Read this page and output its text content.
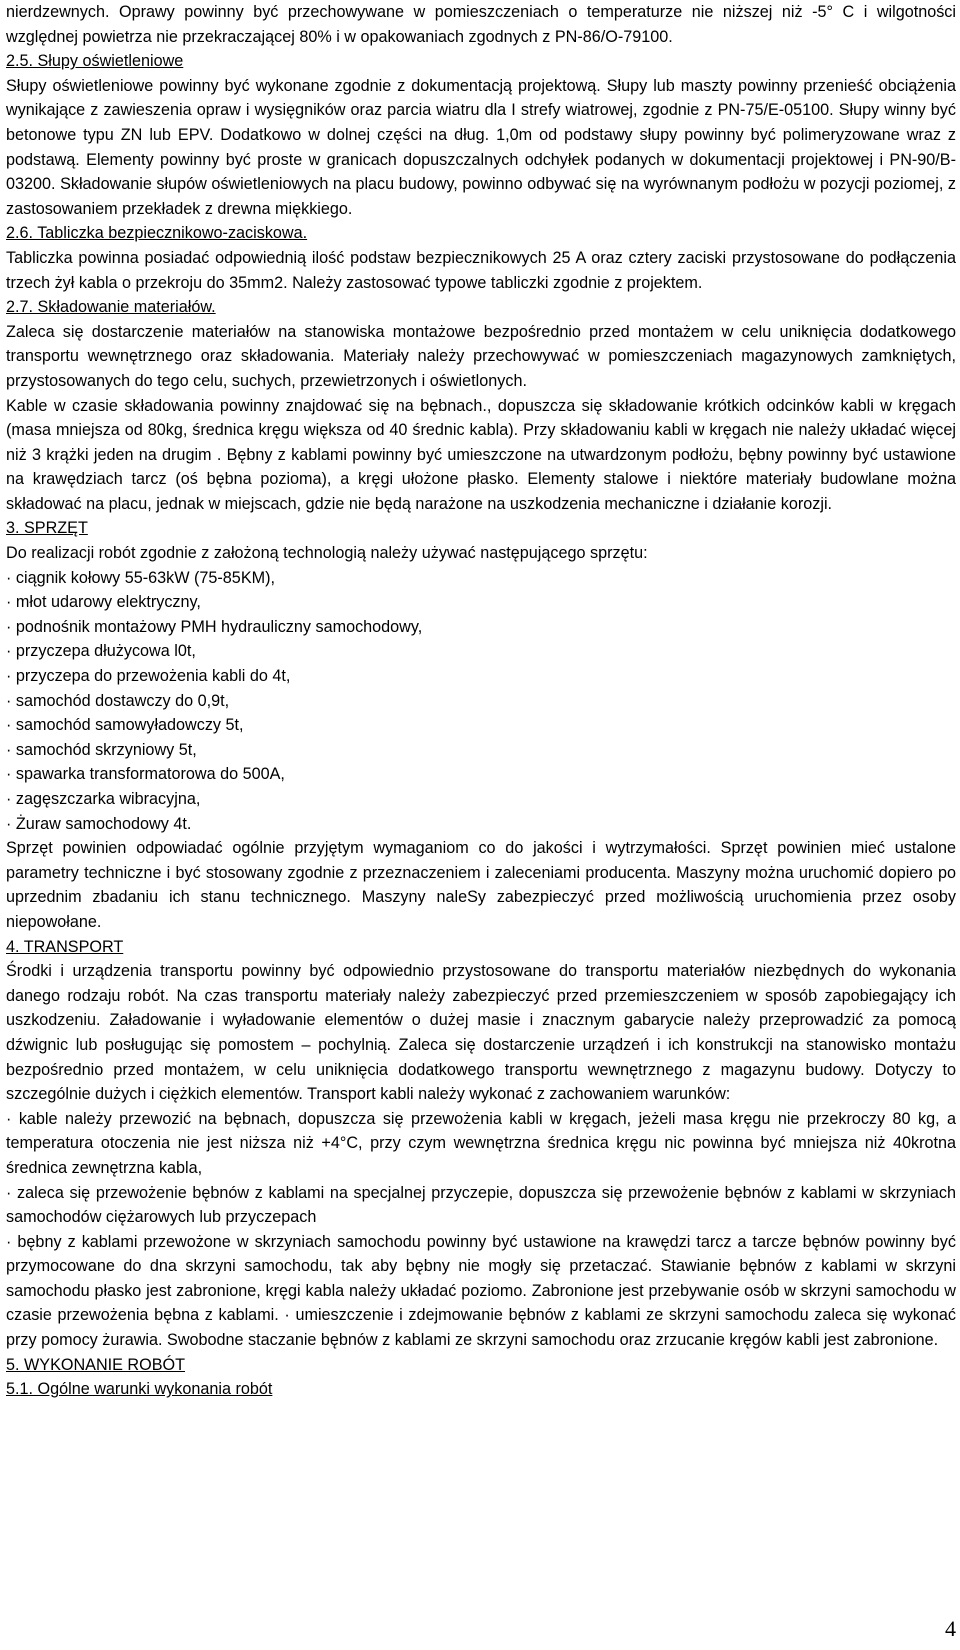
nierdzewnych. Oprawy powinny być przechowywane w pomieszczeniach o temperaturze nie niższej niż -5° C i wilgotności względnej powietrza nie przekraczającej 80% i w opakowaniach zgodnych z PN-86/O-79100.

2.5. Słupy oświetleniowe

Słupy oświetleniowe powinny być wykonane zgodnie z dokumentacją projektową. Słupy lub maszty powinny przenieść obciążenia wynikające z zawieszenia opraw i wysięgników oraz parcia wiatru dla I strefy wiatrowej, zgodnie z PN-75/E-05100. Słupy winny być betonowe typu ZN lub EPV. Dodatkowo w dolnej części na dług. 1,0m od podstawy słupy powinny być polimeryzowane wraz z podstawą. Elementy powinny być proste w granicach dopuszczalnych odchyłek podanych w dokumentacji projektowej i PN-90/B-03200. Składowanie słupów oświetleniowych na placu budowy, powinno odbywać się na wyrównanym podłożu w pozycji poziomej, z zastosowaniem przekładek z drewna miękkiego.

2.6. Tabliczka bezpiecznikowo-zaciskowa.

Tabliczka powinna posiadać odpowiednią ilość podstaw bezpiecznikowych 25 A oraz cztery zaciski przystosowane do podłączenia trzech żył kabla o przekroju do 35mm2. Należy zastosować typowe tabliczki zgodnie z projektem.

2.7. Składowanie materiałów.

Zaleca się dostarczenie materiałów na stanowiska montażowe bezpośrednio przed montażem w celu uniknięcia dodatkowego transportu wewnętrznego oraz składowania. Materiały należy przechowywać w pomieszczeniach magazynowych zamkniętych, przystosowanych do tego celu, suchych, przewietrzonych i oświetlonych.

Kable w czasie składowania powinny znajdować się na bębnach., dopuszcza się składowanie krótkich odcinków kabli w kręgach (masa mniejsza od 80kg, średnica kręgu większa od 40 średnic kabla). Przy składowaniu kabli w kręgach nie należy układać więcej niż 3 krążki jeden na drugim . Bębny z kablami powinny być umieszczone na utwardzonym podłożu, bębny powinny być ustawione na krawędziach tarcz (oś bębna pozioma), a kręgi ułożone płasko. Elementy stalowe i niektóre materiały budowlane można składować na placu, jednak w miejscach, gdzie nie będą narażone na uszkodzenia mechaniczne i działanie korozji.

3. SPRZĘT

Do realizacji robót zgodnie z założoną technologią należy używać następującego sprzętu:

· ciągnik kołowy 55-63kW (75-85KM),

· młot udarowy elektryczny,

· podnośnik montażowy PMH hydrauliczny samochodowy,

· przyczepa dłużycowa l0t,

· przyczepa do przewożenia kabli do 4t,

· samochód dostawczy do 0,9t,

· samochód samowyładowczy 5t,

· samochód skrzyniowy 5t,

· spawarka transformatorowa do 500A,

· zagęszczarka wibracyjna,

· Żuraw samochodowy 4t.

Sprzęt powinien odpowiadać ogólnie przyjętym wymaganiom co do jakości i wytrzymałości. Sprzęt powinien mieć ustalone parametry techniczne i być stosowany zgodnie z przeznaczeniem i zaleceniami producenta. Maszyny można uruchomić dopiero po uprzednim zbadaniu ich stanu technicznego. Maszyny naleSy zabezpieczyć przed możliwością uruchomienia przez osoby niepowołane.

4. TRANSPORT

Środki i urządzenia transportu powinny być odpowiednio przystosowane do transportu materiałów niezbędnych do wykonania danego rodzaju robót. Na czas transportu materiały należy zabezpieczyć przed przemieszczeniem w sposób zapobiegający ich uszkodzeniu. Załadowanie i wyładowanie elementów o dużej masie i znacznym gabarycie należy przeprowadzić za pomocą dźwignic lub posługując się pomostem – pochylnią. Zaleca się dostarczenie urządzeń i ich konstrukcji na stanowisko montażu bezpośrednio przed montażem, w celu uniknięcia dodatkowego transportu wewnętrznego z magazynu budowy. Dotyczy to szczególnie dużych i ciężkich elementów. Transport kabli należy wykonać z zachowaniem warunków:

· kable należy przewozić na bębnach, dopuszcza się przewożenia kabli w kręgach, jeżeli masa kręgu nie przekroczy 80 kg, a temperatura otoczenia nie jest niższa niż +4°C, przy czym wewnętrzna średnica kręgu nic powinna być mniejsza niż 40krotna średnica zewnętrzna kabla,

· zaleca się przewożenie bębnów z kablami na specjalnej przyczepie, dopuszcza się przewożenie bębnów z kablami w skrzyniach samochodów ciężarowych lub przyczepach

· bębny z kablami przewożone w skrzyniach samochodu powinny być ustawione na krawędzi tarcz a tarcze bębnów powinny być przymocowane do dna skrzyni samochodu, tak aby bębny nie mogły się przetaczać. Stawianie bębnów z kablami w skrzyni samochodu płasko jest zabronione, kręgi kabla należy układać poziomo. Zabronione jest przebywanie osób w skrzyni samochodu w czasie przewożenia bębna z kablami. · umieszczenie i zdejmowanie bębnów z kablami ze skrzyni samochodu zaleca się wykonać przy pomocy żurawia. Swobodne staczanie bębnów z kablami ze skrzyni samochodu oraz zrzucanie kręgów kabli jest zabronione.

5. WYKONANIE ROBÓT

5.1. Ogólne warunki wykonania robót

4
